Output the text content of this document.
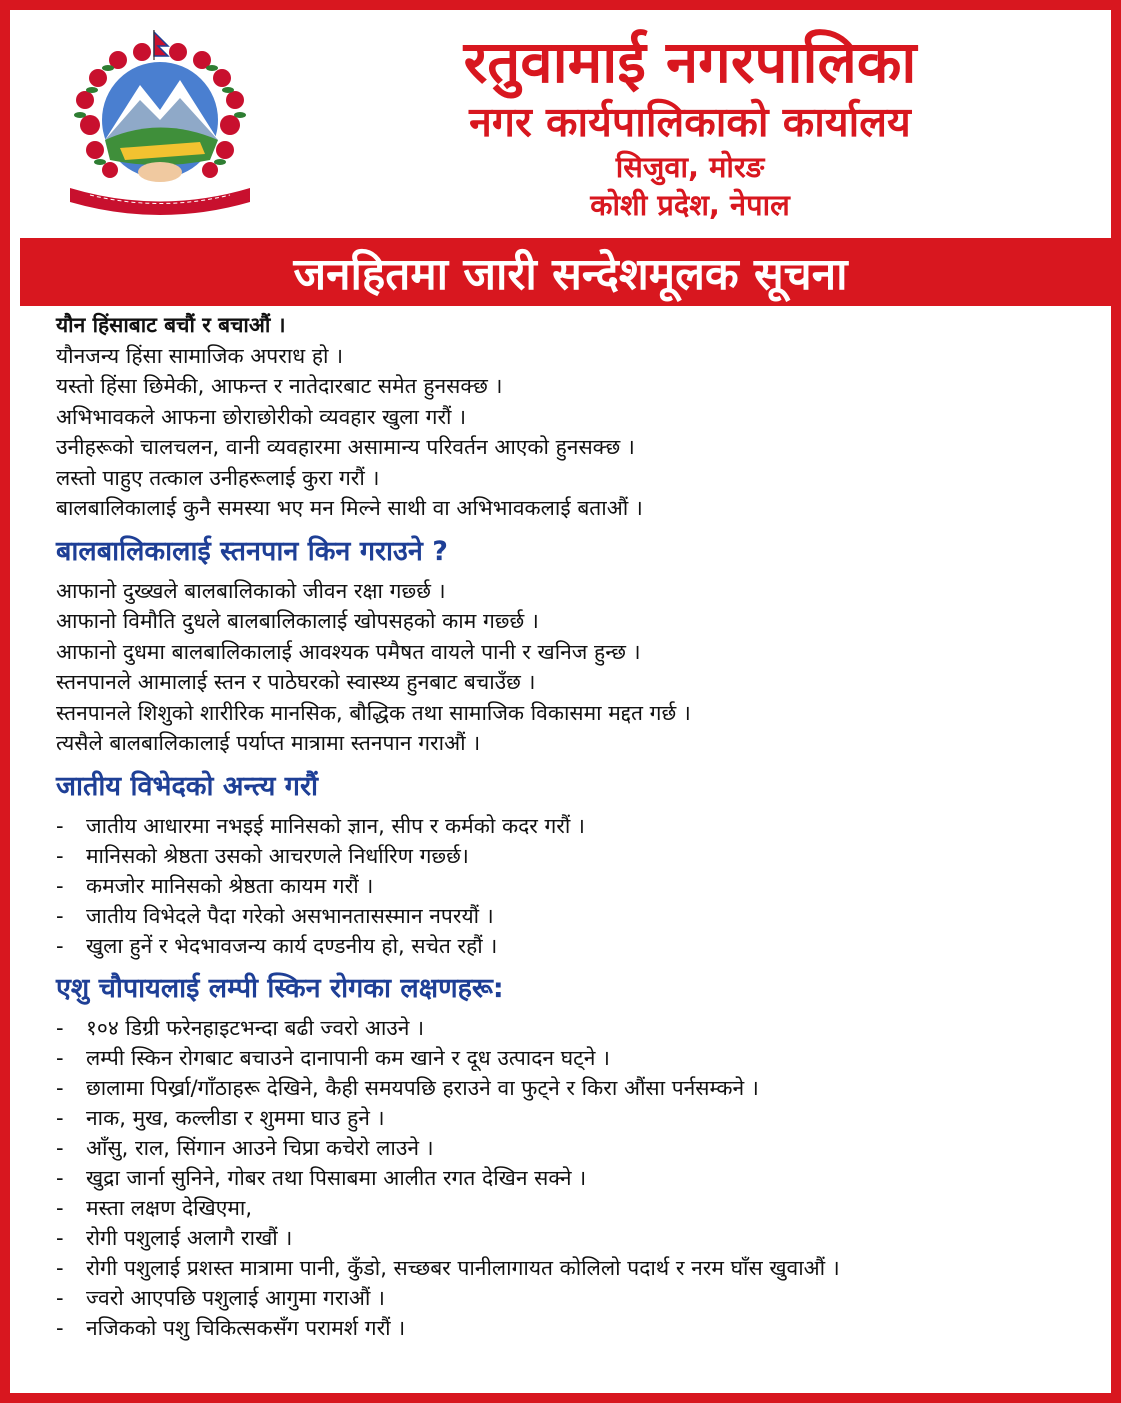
रतुवामाई नगरपालिका
नगर कार्यपालिकाको कार्यालय
सिजुवा, मोरङ
कोशी प्रदेश, नेपाल
जनहितमा जारी सन्देशमूलक सूचना
यौन हिंसाबाट बचौं र बचाऔं ।
यौनजन्य हिंसा सामाजिक अपराध हो ।
यस्तो हिंसा छिमेकी, आफन्त र नातेदारबाट समेत हुनसक्छ ।
अभिभावकले आफना छोराछोरीको व्यवहार खुला गरौं ।
उनीहरूको चालचलन, वानी व्यवहारमा असामान्य परिवर्तन आएको हुनसक्छ ।
लस्तो पाहुए तत्काल उनीहरूलाई कुरा गरौं ।
बालबालिकालाई कुनै समस्या भए मन मिल्ने साथी वा अभिभावकलाई बताऔं ।
बालबालिकालाई स्तनपान किन गराउने ?
आफानो दुख्खले बालबालिकाको जीवन रक्षा गर्छ्छ ।
आफानो विमौति दुधले बालबालिकालाई खोपसहको काम गर्छ्छ ।
आफानो दुधमा बालबालिकालाई आवश्यक पमैषत वायले पानी र खनिज हुन्छ ।
स्तनपानले आमालाई स्तन र पाठेघरको स्वास्थ्य हुनबाट बचाउँछ ।
स्तनपानले शिशुको शारीरिक मानसिक, बौद्धिक तथा सामाजिक विकासमा मद्दत गर्छ ।
त्यसैले बालबालिकालाई पर्याप्त मात्रामा स्तनपान गराऔं ।
जातीय विभेदको अन्त्य गरौं
-	जातीय आधारमा नभइई मानिसको ज्ञान, सीप र कर्मको कदर गरौं ।
-	मानिसको श्रेष्ठता उसको आचरणले निर्धारिण गर्छ्छ।
-	कमजोर मानिसको श्रेष्ठता कायम गरौं ।
-	जातीय विभेदले पैदा गरेको असभानतासस्मान नपरयौं ।
-	खुला हुनें र भेदभावजन्य कार्य दण्डनीय हो, सचेत रहौं ।
एशु चौपायलाई लम्पी स्किन रोगका लक्षणहरू:
-	१०४ डिग्री फरेनहाइटभन्दा बढी ज्वरो आउने ।
-	लम्पी स्किन रोगबाट बचाउने दानापानी कम खाने र दूध उत्पादन घट्ने ।
-	छालामा पिर्ख्रा/गाँठाहरू देखिने, कैही समयपछि हराउने वा फुट्ने र किरा औंसा पर्नसम्कने ।
-	नाक, मुख, कल्लीडा र शुममा घाउ हुने ।
-	आँसु, राल, सिंगान आउने चिप्रा कचेरो लाउने ।
-	खुद्रा जार्ना सुनिने, गोबर तथा पिसाबमा आलीत रगत देखिन सक्ने ।
-	मस्ता लक्षण देखिएमा,
-	रोगी पशुलाई अलागै राखौं ।
-	रोगी पशुलाई प्रशस्त मात्रामा पानी, कुँडो, सच्छबर पानीलागायत कोलिलो पदार्थ र नरम घाँस खुवाऔं ।
-	ज्वरो आएपछि पशुलाई आगुमा गराऔं ।
-	नजिकको पशु चिकित्सकसँग परामर्श गरौं ।
